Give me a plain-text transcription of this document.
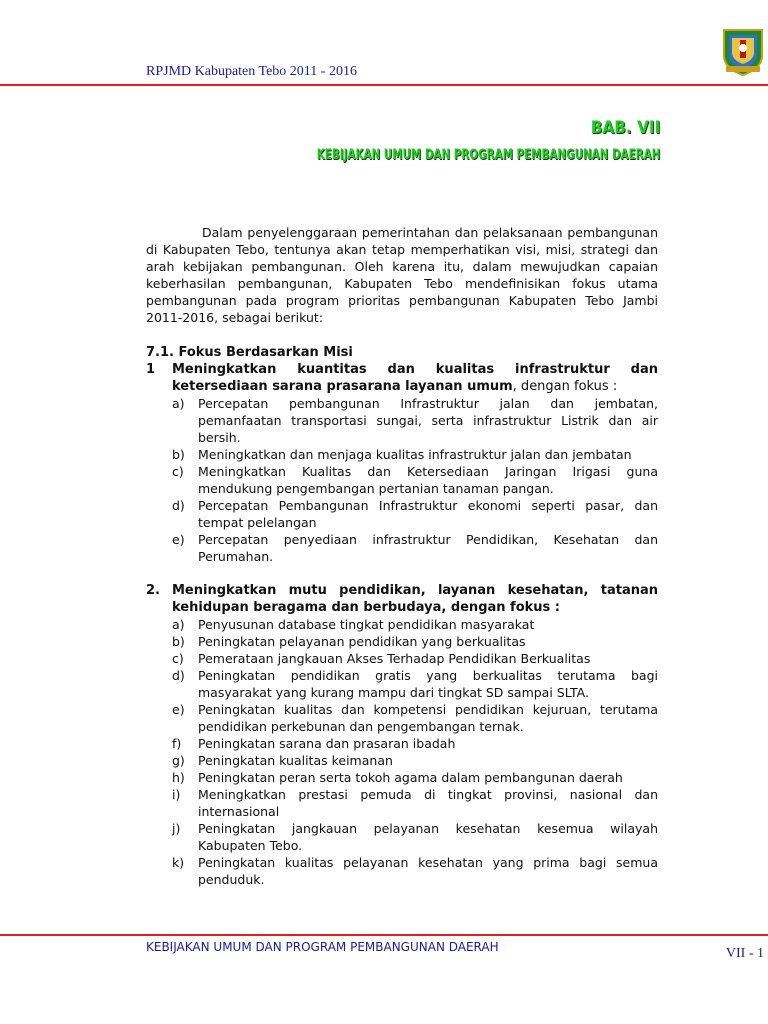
RPJMD Kabupaten Tebo 2011 - 2016
BAB. VII
KEBIJAKAN UMUM DAN PROGRAM PEMBANGUNAN DAERAH

Dalam penyelenggaraan pemerintahan dan pelaksanaan pembangunan di Kabupaten Tebo, tentunya akan tetap memperhatikan visi, misi, strategi dan arah kebijakan pembangunan. Oleh karena itu, dalam mewujudkan capaian keberhasilan pembangunan, Kabupaten Tebo mendefinisikan fokus utama pembangunan pada program prioritas pembangunan Kabupaten Tebo Jambi 2011-2016, sebagai berikut:

7.1. Fokus Berdasarkan Misi
1	Meningkatkan kuantitas dan kualitas infrastruktur dan ketersediaan sarana prasarana layanan umum, dengan fokus :
a)	Percepatan pembangunan Infrastruktur jalan dan jembatan, pemanfaatan transportasi sungai, serta infrastruktur Listrik dan air bersih.
b)	Meningkatkan dan menjaga kualitas infrastruktur jalan dan jembatan
c)	Meningkatkan Kualitas dan Ketersediaan Jaringan Irigasi guna mendukung pengembangan pertanian tanaman pangan.
d)	Percepatan Pembangunan Infrastruktur ekonomi seperti pasar, dan tempat pelelangan
e)	Percepatan penyediaan infrastruktur Pendidikan, Kesehatan dan Perumahan.
2. Meningkatkan mutu pendidikan, layanan kesehatan, tatanan kehidupan beragama dan berbudaya, dengan fokus :
a)	Penyusunan database tingkat pendidikan masyarakat
b)	Peningkatan pelayanan pendidikan yang berkualitas
c)	Pemerataan jangkauan Akses Terhadap Pendidikan Berkualitas
d)	Peningkatan pendidikan gratis yang berkualitas terutama bagi masyarakat yang kurang mampu dari tingkat SD sampai SLTA.
e)	Peningkatan kualitas dan kompetensi pendidikan kejuruan, terutama pendidikan perkebunan dan pengembangan ternak.
f)	Peningkatan sarana dan prasaran ibadah
g)	Peningkatan kualitas keimanan
h)	Peningkatan peran serta tokoh agama dalam pembangunan daerah
i)	Meningkatkan prestasi pemuda di tingkat provinsi, nasional dan internasional
j)	Peningkatan jangkauan pelayanan kesehatan kesemua wilayah Kabupaten Tebo.
k)	Peningkatan kualitas pelayanan kesehatan yang prima bagi semua penduduk.
KEBIJAKAN UMUM DAN PROGRAM PEMBANGUNAN DAERAH	VII - 1
